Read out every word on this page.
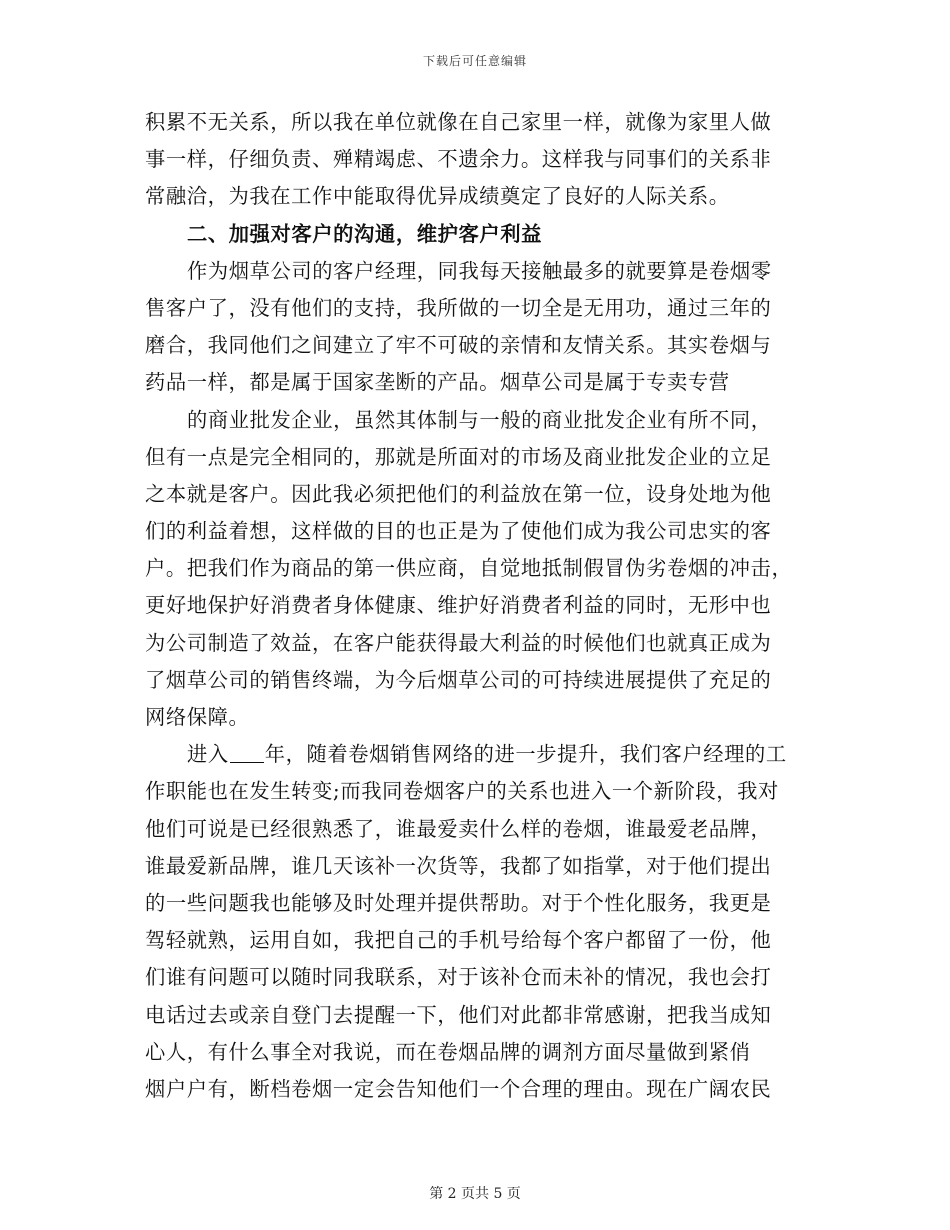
下载后可任意编辑
积累不无关系，所以我在单位就像在自己家里一样，就像为家里人做
事一样，仔细负责、殚精竭虑、不遗余力。这样我与同事们的关系非
常融洽，为我在工作中能取得优异成绩奠定了良好的人际关系。
二、加强对客户的沟通，维护客户利益
作为烟草公司的客户经理，同我每天接触最多的就要算是卷烟零
售客户了，没有他们的支持，我所做的一切全是无用功，通过三年的
磨合，我同他们之间建立了牢不可破的亲情和友情关系。其实卷烟与
药品一样，都是属于国家垄断的产品。烟草公司是属于专卖专营
的商业批发企业，虽然其体制与一般的商业批发企业有所不同，
但有一点是完全相同的，那就是所面对的市场及商业批发企业的立足
之本就是客户。因此我必须把他们的利益放在第一位，设身处地为他
们的利益着想，这样做的目的也正是为了使他们成为我公司忠实的客
户。把我们作为商品的第一供应商，自觉地抵制假冒伪劣卷烟的冲击，
更好地保护好消费者身体健康、维护好消费者利益的同时，无形中也
为公司制造了效益，在客户能获得最大利益的时候他们也就真正成为
了烟草公司的销售终端，为今后烟草公司的可持续进展提供了充足的
网络保障。
进入 年，随着卷烟销售网络的进一步提升，我们客户经理的工
作职能也在发生转变;而我同卷烟客户的关系也进入一个新阶段，我对
他们可说是已经很熟悉了，谁最爱卖什么样的卷烟，谁最爱老品牌，
谁最爱新品牌，谁几天该补一次货等，我都了如指掌，对于他们提出
的一些问题我也能够及时处理并提供帮助。对于个性化服务，我更是
驾轻就熟，运用自如，我把自己的手机号给每个客户都留了一份，他
们谁有问题可以随时同我联系，对于该补仓而未补的情况，我也会打
电话过去或亲自登门去提醒一下，他们对此都非常感谢，把我当成知
心人，有什么事全对我说，而在卷烟品牌的调剂方面尽量做到紧俏
烟户户有，断档卷烟一定会告知他们一个合理的理由。现在广阔农民
第 2 页共 5 页
